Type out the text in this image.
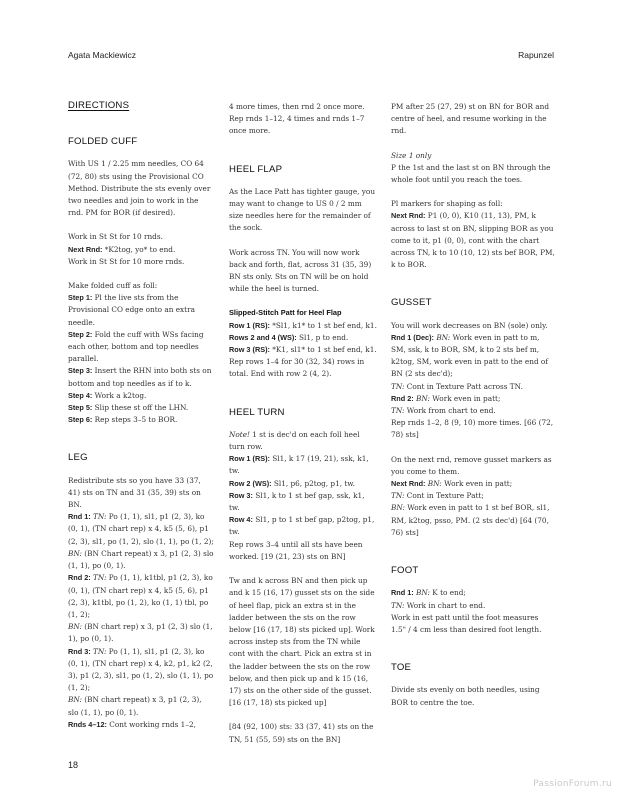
Agata Mackiewicz	Rapunzel
DIRECTIONS
FOLDED CUFF

With US 1 / 2.25 mm needles, CO 64 (72, 80) sts using the Provisional CO Method. Distribute the sts evenly over two needles and join to work in the rnd. PM for BOR (if desired).

Work in St St for 10 rnds.
Next Rnd: *K2tog, yo* to end.

Work in St St for 10 more rnds.

Make folded cuff as foll:
Step 1: Pl the live sts from the Provisional CO edge onto an extra needle.
Step 2: Fold the cuff with WSs facing each other, bottom and top needles parallel.
Step 3: Insert the RHN into both sts on bottom and top needles as if to k.
Step 4: Work a k2tog.
Step 5: Slip these st off the LHN.

Step 6: Rep steps 3–5 to BOR.

LEG
Redistribute sts so you have 33 (37, 41) sts on TN and 31 (35, 39) sts on BN.
Rnd 1: TN: Po (1, 1), sl1, p1 (2, 3), ko (0, 1), (TN chart rep) x 4, k5 (5, 6), p1 (2, 3), sl1, po (1, 2), slo (1, 1), po (1, 2);
BN: (BN Chart repeat) x 3, p1 (2, 3) slo (1, 1), po (0, 1).
Rnd 2: TN: Po (1, 1), k1tbl, p1 (2, 3), ko (0, 1), (TN chart rep) x 4, k5 (5, 6), p1 (2, 3), k1tbl, po (1, 2), ko (1, 1) tbl, po (1, 2);
BN: (BN chart rep) x 3, p1 (2, 3) slo (1, 1), po (0, 1).
Rnd 3: TN: Po (1, 1), sl1, p1 (2, 3), ko (0, 1), (TN chart rep) x 4, k2, p1, k2 (2, 3), p1 (2, 3), sl1, po (1, 2), slo (1, 1), po (1, 2);
BN: (BN chart repeat) x 3, p1 (2, 3), slo (1, 1), po (0, 1).
Rnds 4–12: Cont working rnds 1–2,

4 more times, then rnd 2 once more. Rep rnds 1–12, 4 times and rnds 1–7 once more.

HEEL FLAP

As the Lace Patt has tighter gauge, you may want to change to US 0 / 2 mm size needles here for the remainder of the sock.

Work across TN. You will now work back and forth, flat, across 31 (35, 39) BN sts only. Sts on TN will be on hold while the heel is turned.

Slipped-Stitch Patt for Heel Flap
Row 1 (RS): *Sl1, k1* to 1 st bef end, k1.
Rows 2 and 4 (WS): Sl1, p to end.
Row 3 (RS): *K1, sl1* to 1 st bef end, k1.

Rep rows 1–4 for 30 (32, 34) rows in total. End with row 2 (4, 2).

HEEL TURN
Note! 1 st is dec'd on each foll heel turn row.
Row 1 (RS): Sl1, k 17 (19, 21), ssk, k1, tw.
Row 2 (WS): Sl1, p6, p2tog, p1, tw.
Row 3: Sl1, k to 1 st bef gap, ssk, k1, tw.
Row 4: Sl1, p to 1 st bef gap, p2tog, p1, tw.

Rep rows 3–4 until all sts have been worked. [19 (21, 23) sts on BN]

Tw and k across BN and then pick up and k 15 (16, 17) gusset sts on the side of heel flap, pick an extra st in the ladder between the sts on the row below [16 (17, 18) sts picked up]. Work across instep sts from the TN while cont with the chart. Pick an extra st in the ladder between the sts on the row below, and then pick up and k 15 (16, 17) sts on the other side of the gusset. [16 (17, 18) sts picked up]

[84 (92, 100) sts: 33 (37, 41) sts on the TN, 51 (55, 59) sts on the BN]

PM after 25 (27, 29) st on BN for BOR and centre of heel, and resume working in the rnd.

Size 1 only

P the 1st and the last st on BN through the whole foot until you reach the toes.

Pl markers for shaping as foll:

Next Rnd: P1 (0, 0), K10 (11, 13), PM, k across to last st on BN, slipping BOR as you come to it, p1 (0, 0), cont with the chart across TN, k to 10 (10, 12) sts bef BOR, PM, k to BOR.

GUSSET
You will work decreases on BN (sole) only.
Rnd 1 (Dec): BN: Work even in patt to m, SM, ssk, k to BOR, SM, k to 2 sts bef m, k2tog, SM, work even in patt to the end of BN (2 sts dec'd);
TN: Cont in Texture Patt across TN.
Rnd 2: BN: Work even in patt;
TN: Work from chart to end.

Rep rnds 1–2, 8 (9, 10) more times. [66 (72, 78) sts]

On the next rnd, remove gusset markers as you come to them.
Next Rnd: BN: Work even in patt;
TN: Cont in Texture Patt;

BN: Work even in patt to 1 st bef BOR, sl1, RM, k2tog, psso, PM. (2 sts dec'd) [64 (70, 76) sts]

FOOT
Rnd 1: BN: K to end;
TN: Work in chart to end.

Work in est patt until the foot measures 1.5" / 4 cm less than desired foot length.

TOE

Divide sts evenly on both needles, using BOR to centre the toe.

18
PassionForum.ru
